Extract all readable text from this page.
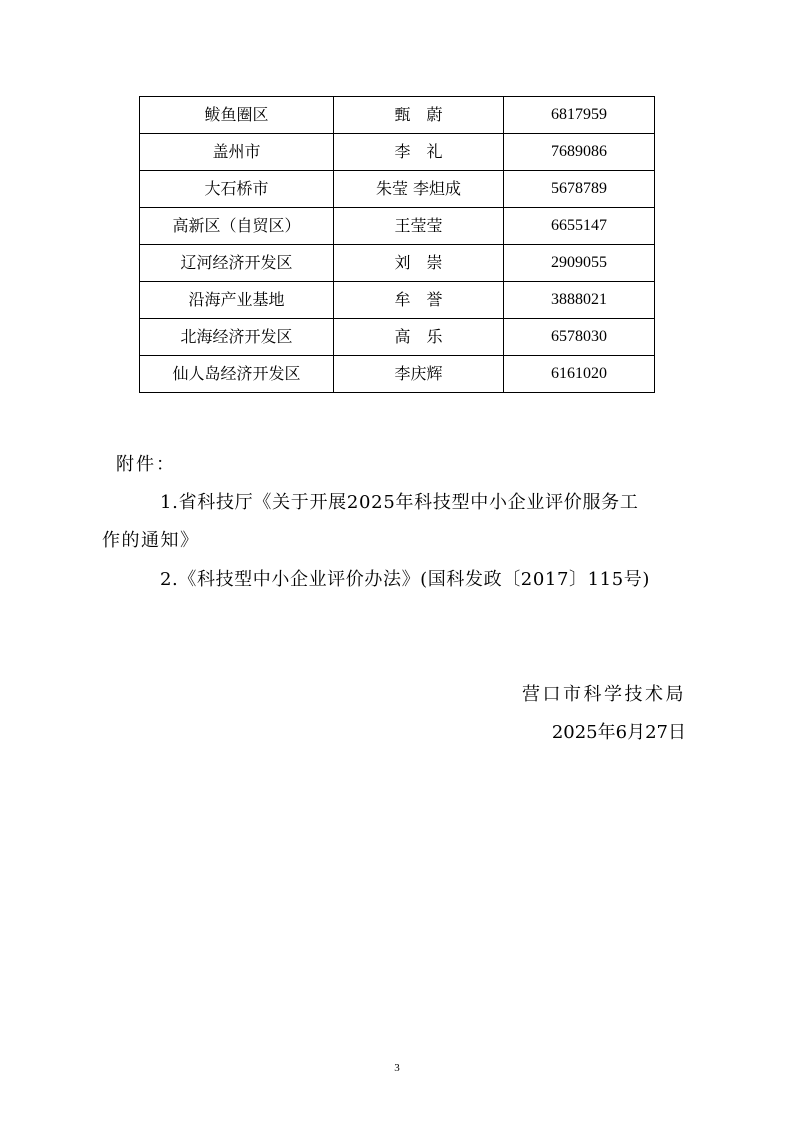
鲅鱼圈区	甄　蔚	6817959
盖州市	李　礼	7689086
大石桥市	朱莹 李炟成	5678789
高新区（自贸区）	王莹莹	6655147
辽河经济开发区	刘　崇	2909055
沿海产业基地	牟　誉	3888021
北海经济开发区	高　乐	6578030
仙人岛经济开发区	李庆辉	6161020
附件：
1.省科技厅《关于开展2025年科技型中小企业评价服务工
作的通知》
2.《科技型中小企业评价办法》(国科发政〔2017〕115号)
营口市科学技术局
2025年6月27日
3
